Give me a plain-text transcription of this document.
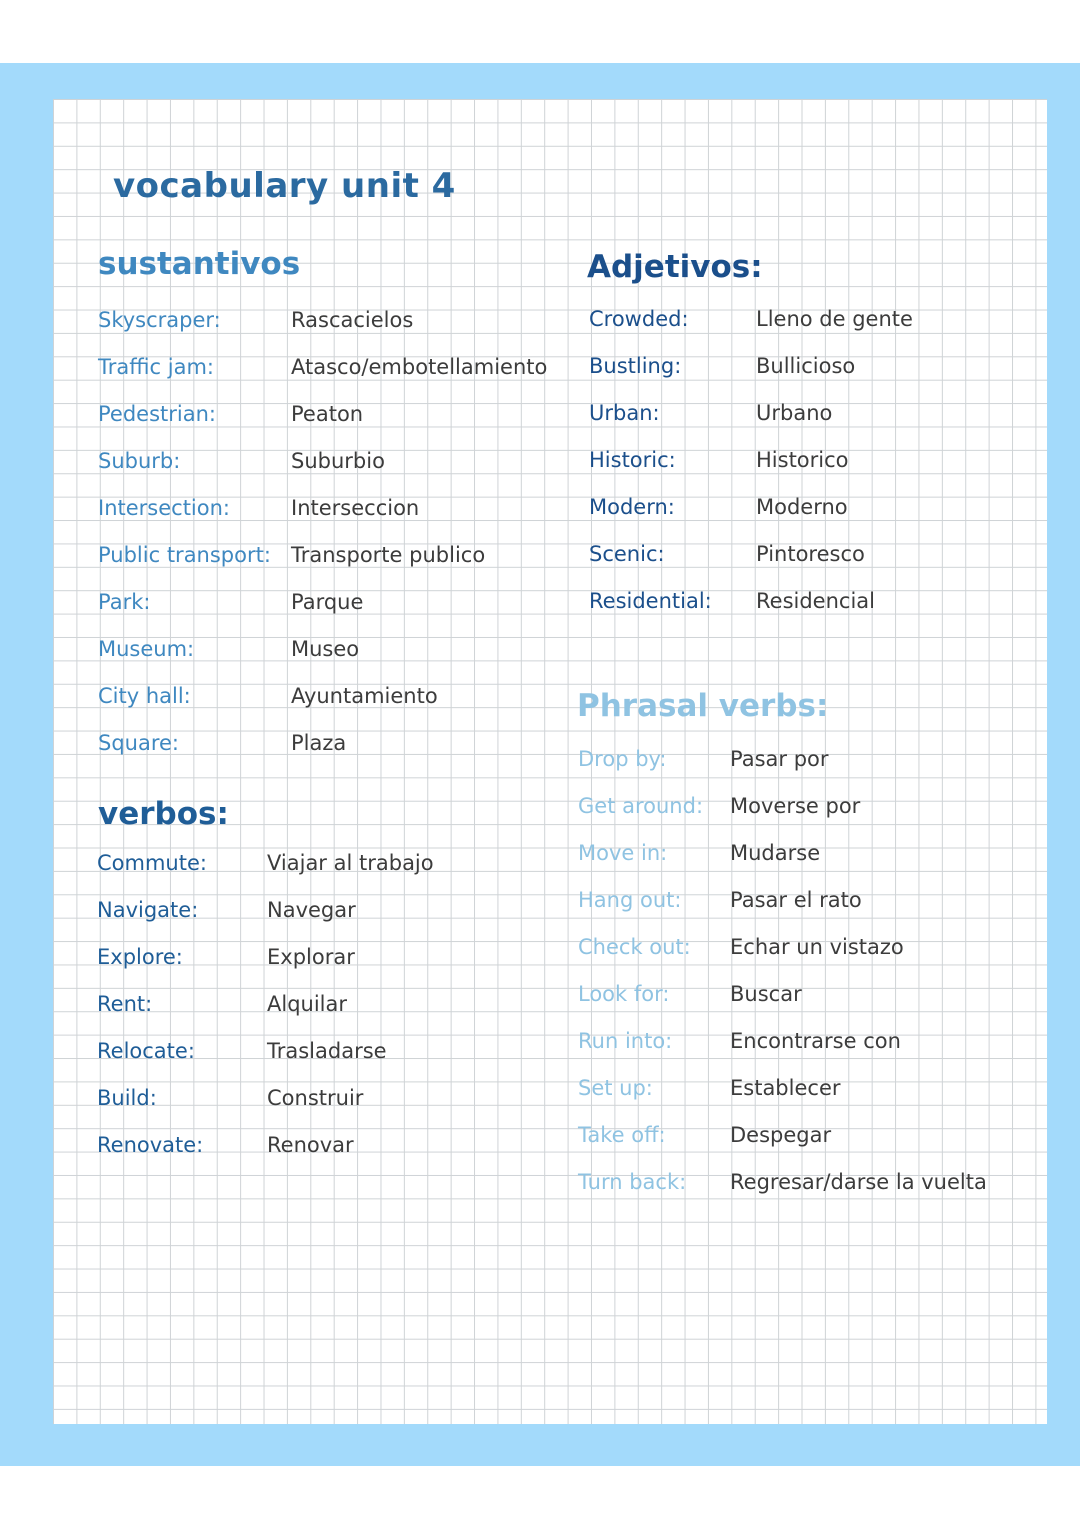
vocabulary unit 4
sustantivos
Skyscraper:	Rascacielos
Traffic jam:	Atasco/embotellamiento
Pedestrian:	Peaton
Suburb:	Suburbio
Intersection:	Interseccion
Public transport: Transporte publico
Park:	Parque
Museum:	Museo
City hall:	Ayuntamiento
Square:	Plaza
verbos:
Commute:	Viajar al trabajo
Navigate:	Navegar
Explore:	Explorar
Rent:	Alquilar
Relocate:	Trasladarse
Build:	Construir
Renovate:	Renovar
Adjetivos:
Crowded:	Lleno de gente
Bustling:	Bullicioso
Urban:	Urbano
Historic:	Historico
Modern:	Moderno
Scenic:	Pintoresco
Residential: Residencial
Phrasal verbs:
Drop by:	Pasar por
Get around: Moverse por
Move in:	Mudarse
Hang out: Pasar el rato
Check out: Echar un vistazo
Look for:	Buscar
Run into:	Encontrarse con
Set up:	Establecer
Take off:	Despegar
Turn back: Regresar/darse la vuelta
